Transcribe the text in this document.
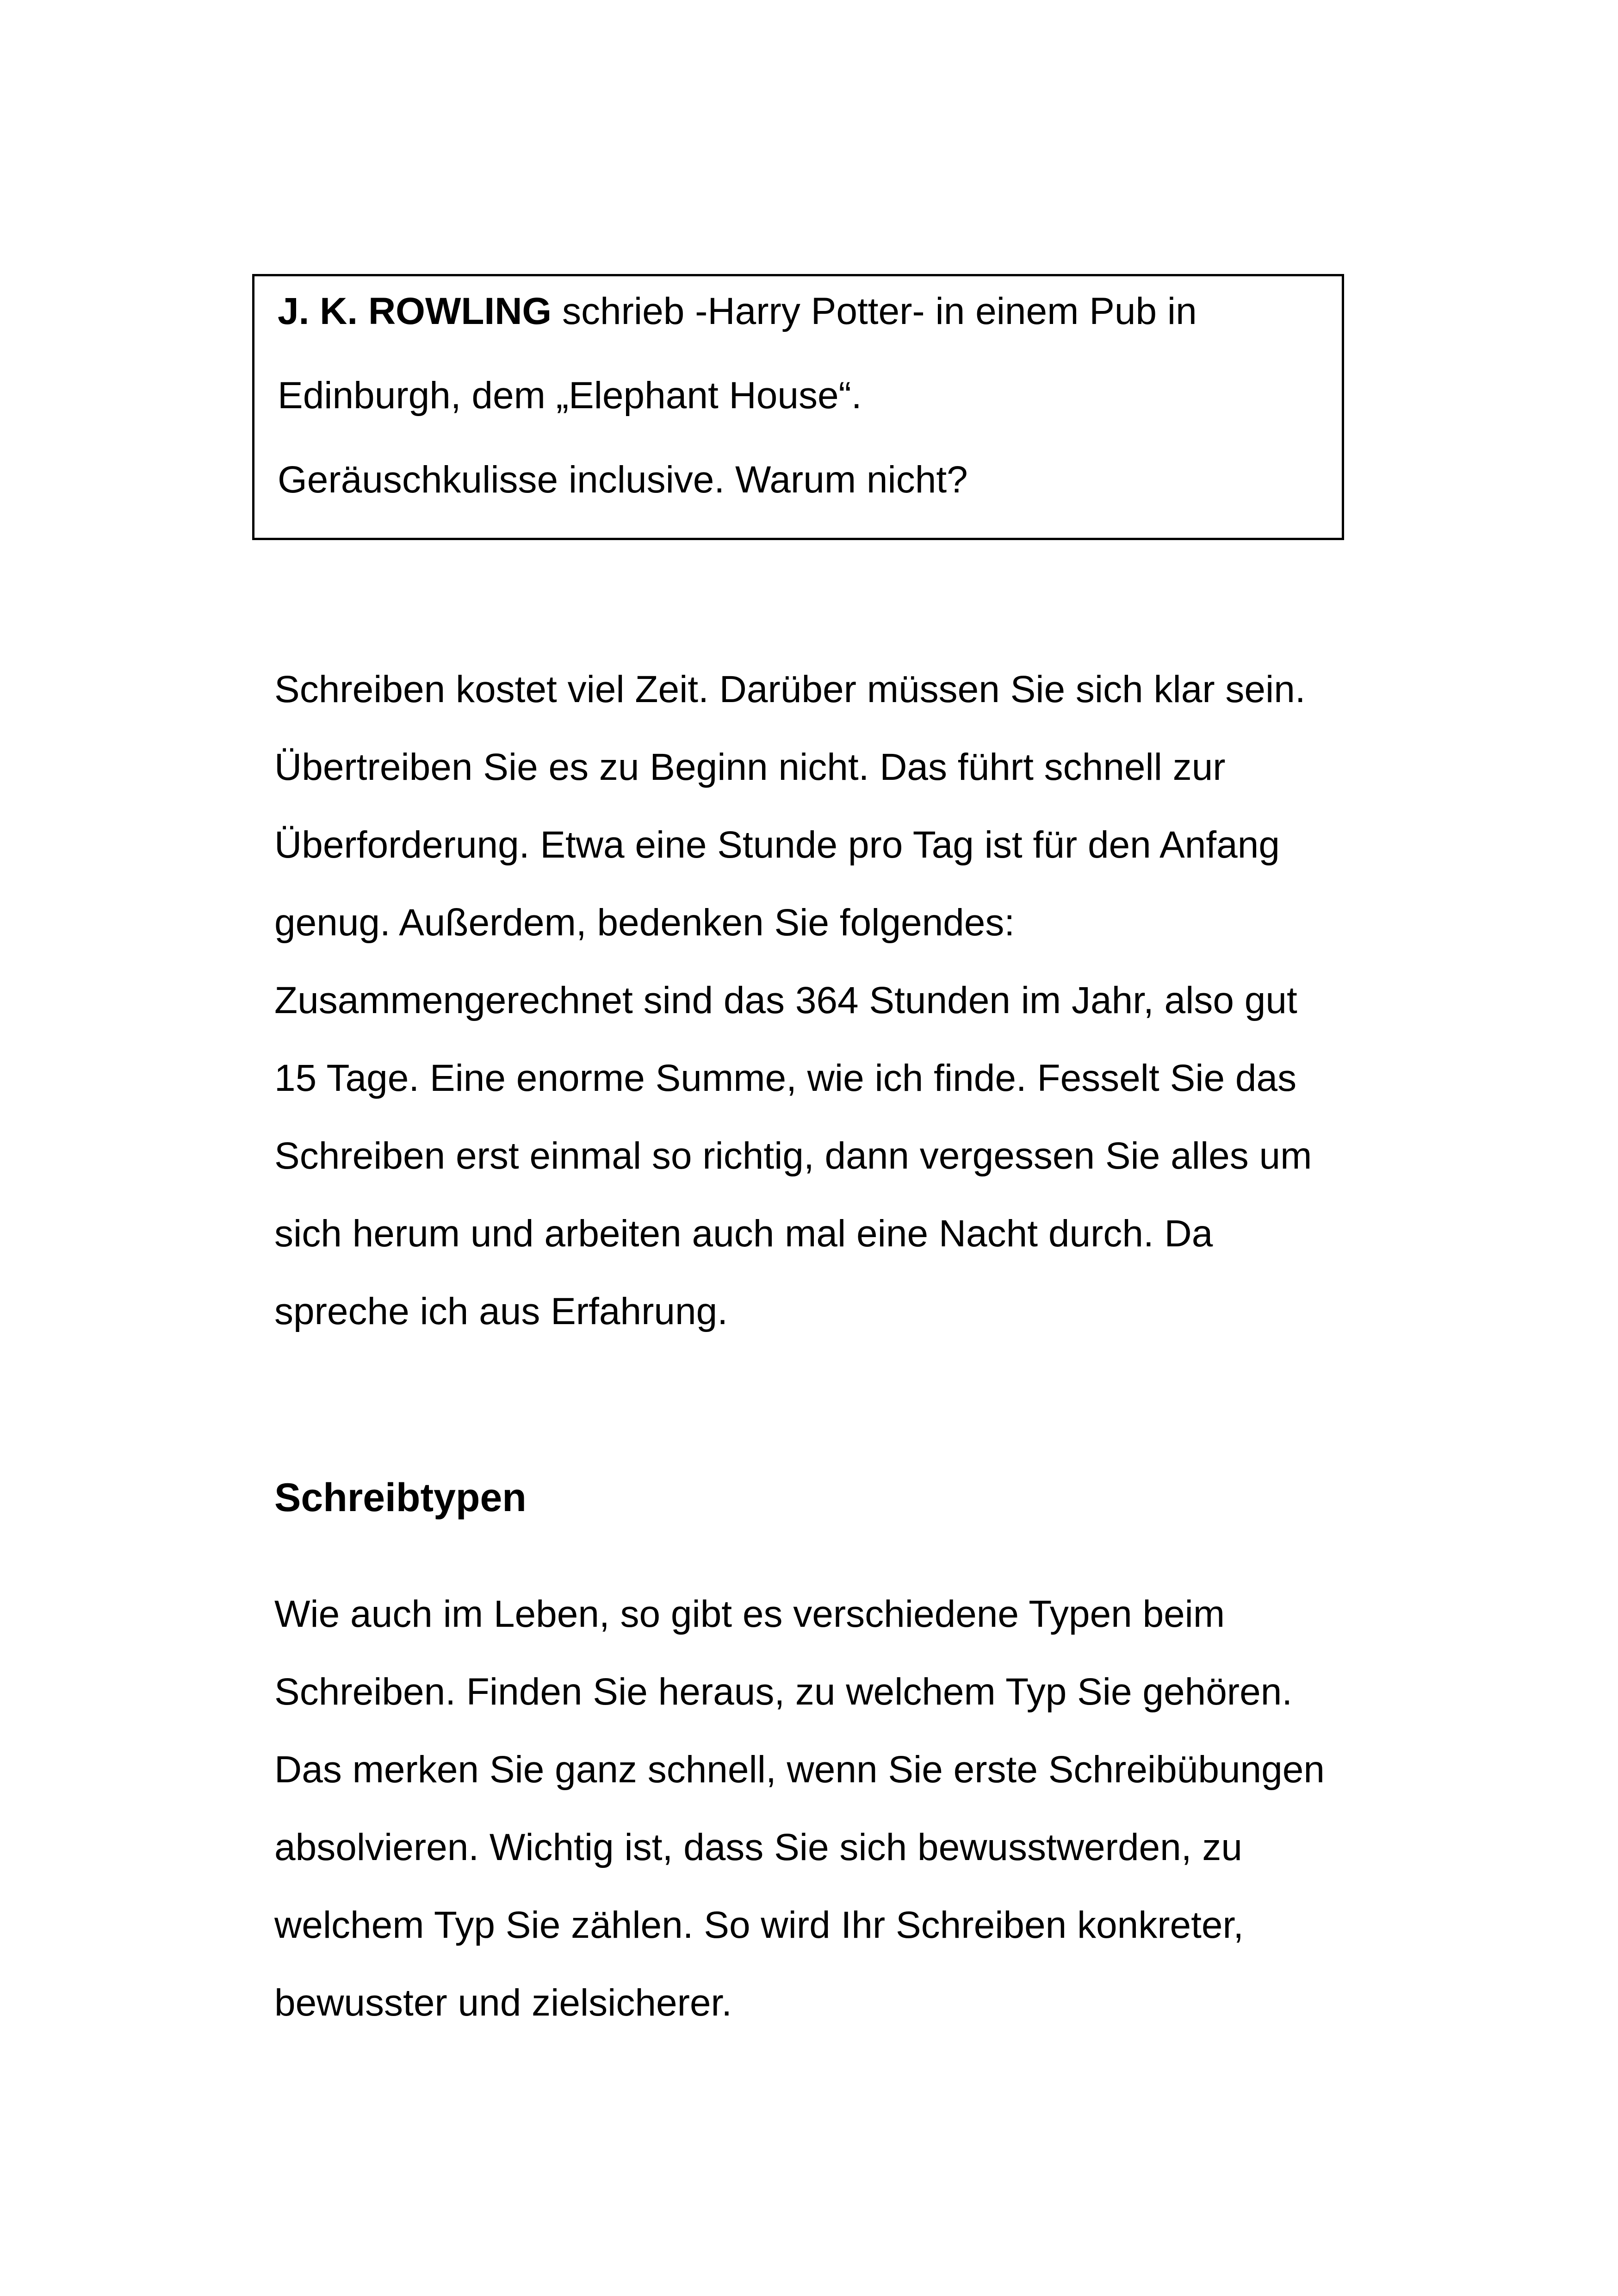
J. K. ROWLING schrieb -Harry Potter- in einem Pub in
Edinburgh, dem „Elephant House“.
Geräuschkulisse inclusive. Warum nicht?
Schreiben kostet viel Zeit. Darüber müssen Sie sich klar sein.
Übertreiben Sie es zu Beginn nicht. Das führt schnell zur
Überforderung. Etwa eine Stunde pro Tag ist für den Anfang
genug. Außerdem, bedenken Sie folgendes:
Zusammengerechnet sind das 364 Stunden im Jahr, also gut
15 Tage. Eine enorme Summe, wie ich finde. Fesselt Sie das
Schreiben erst einmal so richtig, dann vergessen Sie alles um
sich herum und arbeiten auch mal eine Nacht durch. Da
spreche ich aus Erfahrung.
Schreibtypen
Wie auch im Leben, so gibt es verschiedene Typen beim
Schreiben. Finden Sie heraus, zu welchem Typ Sie gehören.
Das merken Sie ganz schnell, wenn Sie erste Schreibübungen
absolvieren. Wichtig ist, dass Sie sich bewusstwerden, zu
welchem Typ Sie zählen. So wird Ihr Schreiben konkreter,
bewusster und zielsicherer.
